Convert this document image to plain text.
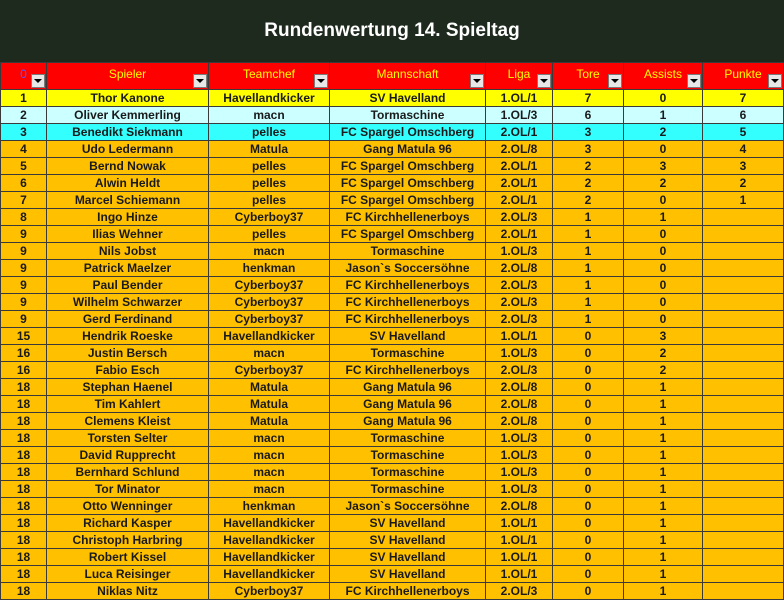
Rundenwertung 14. Spieltag
0	Spieler	Teamchef	Mannschaft	Liga	Tore	Assists	Punkte

1	Thor Kanone	Havellandkicker	SV Havelland	1.OL/1	7	0	7
2	Oliver Kemmerling	macn	Tormaschine	1.OL/3	6	1	6
3	Benedikt Siekmann	pelles	FC Spargel Omschberg	2.OL/1	3	2	5
4	Udo Ledermann	Matula	Gang Matula 96	2.OL/8	3	0	4
5	Bernd Nowak	pelles	FC Spargel Omschberg	2.OL/1	2	3	3
6	Alwin Heldt	pelles	FC Spargel Omschberg	2.OL/1	2	2	2
7	Marcel Schiemann	pelles	FC Spargel Omschberg	2.OL/1	2	0	1
8	Ingo Hinze	Cyberboy37	FC Kirchhellenerboys	2.OL/3	1	1	
9	Ilias Wehner	pelles	FC Spargel Omschberg	2.OL/1	1	0	
9	Nils Jobst	macn	Tormaschine	1.OL/3	1	0	
9	Patrick Maelzer	henkman	Jason`s Soccersöhne	2.OL/8	1	0	
9	Paul Bender	Cyberboy37	FC Kirchhellenerboys	2.OL/3	1	0	
9	Wilhelm Schwarzer	Cyberboy37	FC Kirchhellenerboys	2.OL/3	1	0	
9	Gerd Ferdinand	Cyberboy37	FC Kirchhellenerboys	2.OL/3	1	0	
15	Hendrik Roeske	Havellandkicker	SV Havelland	1.OL/1	0	3	
16	Justin Bersch	macn	Tormaschine	1.OL/3	0	2	
16	Fabio Esch	Cyberboy37	FC Kirchhellenerboys	2.OL/3	0	2	
18	Stephan Haenel	Matula	Gang Matula 96	2.OL/8	0	1	
18	Tim Kahlert	Matula	Gang Matula 96	2.OL/8	0	1	
18	Clemens Kleist	Matula	Gang Matula 96	2.OL/8	0	1	
18	Torsten Selter	macn	Tormaschine	1.OL/3	0	1	
18	David Rupprecht	macn	Tormaschine	1.OL/3	0	1	
18	Bernhard Schlund	macn	Tormaschine	1.OL/3	0	1	
18	Tor Minator	macn	Tormaschine	1.OL/3	0	1	
18	Otto Wenninger	henkman	Jason`s Soccersöhne	2.OL/8	0	1	
18	Richard Kasper	Havellandkicker	SV Havelland	1.OL/1	0	1	
18	Christoph Harbring	Havellandkicker	SV Havelland	1.OL/1	0	1	
18	Robert Kissel	Havellandkicker	SV Havelland	1.OL/1	0	1	
18	Luca Reisinger	Havellandkicker	SV Havelland	1.OL/1	0	1	
18	Niklas Nitz	Cyberboy37	FC Kirchhellenerboys	2.OL/3	0	1	
